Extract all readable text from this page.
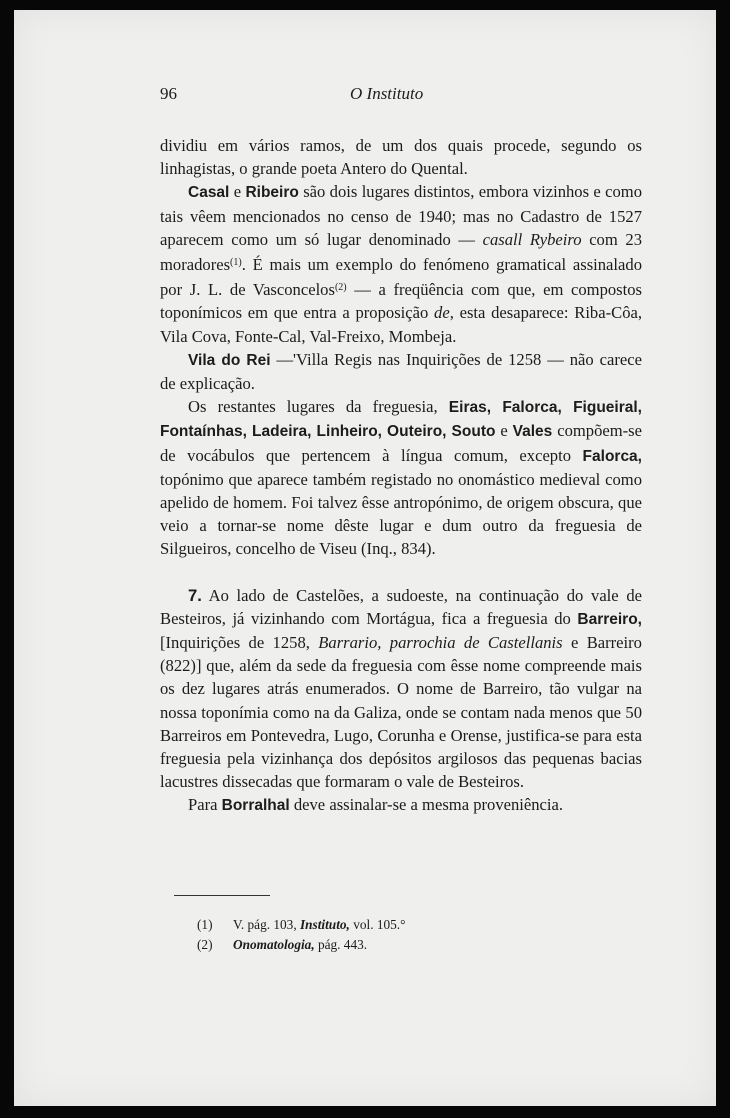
96	O Instituto

dividiu em vários ramos, de um dos quais procede, segundo os linhagistas, o grande poeta Antero do Quental.

Casal e Ribeiro são dois lugares distintos, embora vizinhos e como tais vêem mencionados no censo de 1940; mas no Cadastro de 1527 aparecem como um só lugar denominado — casall Rybeiro com 23 moradores$^{(1)}$. É mais um exemplo do fenómeno gramatical assinalado por J. L. de Vasconcelos$^{(2)}$ — a freqüência com que, em compostos toponímicos em que entra a proposição de, esta desaparece: Riba-Côa, Vila Cova, Fonte-Cal, Val-Freixo, Mombeja.

Vila do Rei —'Villa Regis nas Inquirições de 1258 — não carece de explicação.

Os restantes lugares da freguesia, Eiras, Falorca, Figueiral, Fontaínhas, Ladeira, Linheiro, Outeiro, Souto e Vales compõem-se de vocábulos que pertencem à língua comum, excepto Falorca, topónimo que aparece também registado no onomástico medieval como apelido de homem. Foi talvez êsse antropónimo, de origem obscura, que veio a tornar-se nome dêste lugar e dum outro da freguesia de Silgueiros, concelho de Viseu (Inq., 834).

7. Ao lado de Castelões, a sudoeste, na continuação do vale de Besteiros, já vizinhando com Mortágua, fica a freguesia do Barreiro, [Inquirições de 1258, Barrario, parrochia de Castellanis e Barreiro (822)] que, além da sede da freguesia com êsse nome compreende mais os dez lugares atrás enumerados. O nome de Barreiro, tão vulgar na nossa toponímia como na da Galiza, onde se contam nada menos que 50 Barreiros em Pontevedra, Lugo, Corunha e Orense, justifica-se para esta freguesia pela vizinhança dos depósitos argilosos das pequenas bacias lacustres dissecadas que formaram o vale de Besteiros.

Para Borralhal deve assinalar-se a mesma proveniência.

(1) V. pág. 103, Instituto, vol. 105.°
(2) Onomatologia, pág. 443.
